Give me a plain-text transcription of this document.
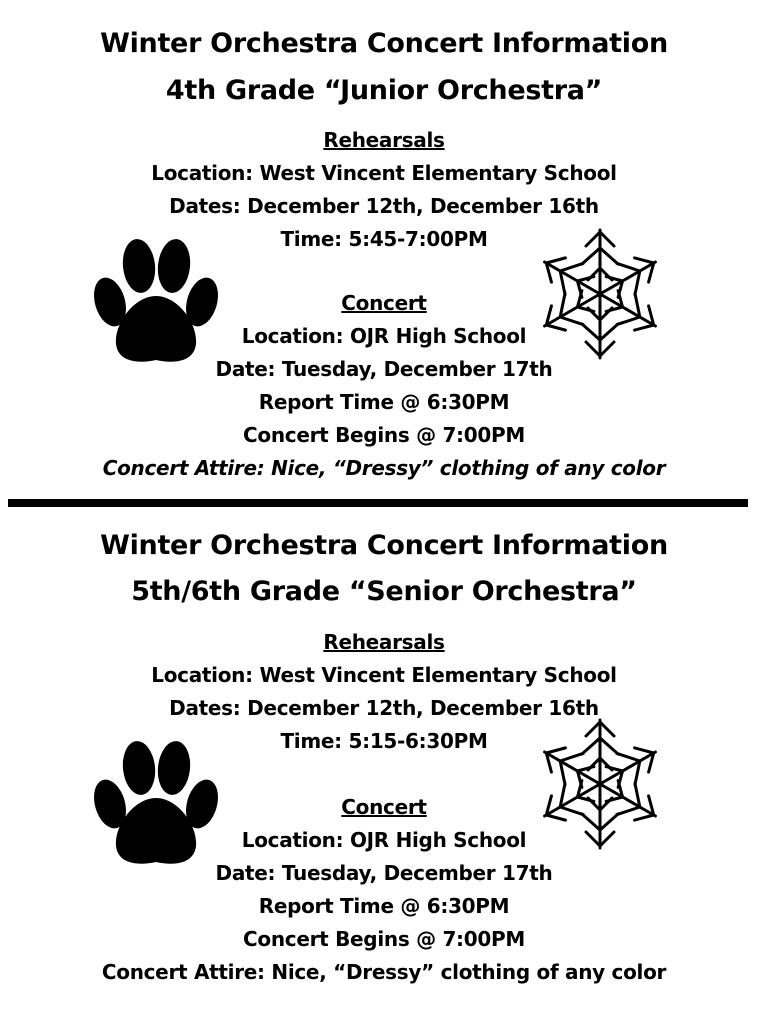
Winter Orchestra Concert Information
4th Grade “Junior Orchestra”
Rehearsals
Location: West Vincent Elementary School
Dates: December 12th, December 16th
Time: 5:45-7:00PM
Concert
Location: OJR High School
Date: Tuesday, December 17th
Report Time @ 6:30PM
Concert Begins @ 7:00PM
Concert Attire: Nice, “Dressy” clothing of any color
Winter Orchestra Concert Information
5th/6th Grade “Senior Orchestra”
Rehearsals
Location: West Vincent Elementary School
Dates: December 12th, December 16th
Time: 5:15-6:30PM
Concert
Location: OJR High School
Date: Tuesday, December 17th
Report Time @ 6:30PM
Concert Begins @ 7:00PM
Concert Attire: Nice, “Dressy” clothing of any color
